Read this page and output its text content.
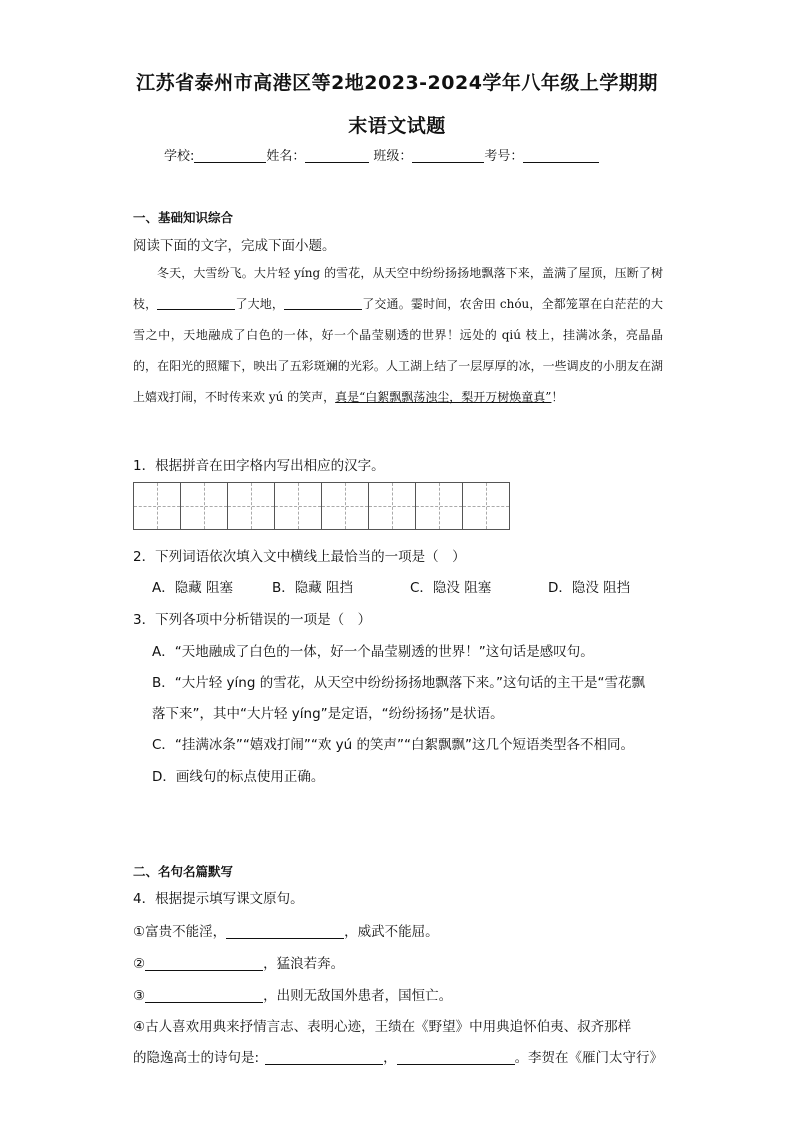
江苏省泰州市高港区等2地2023-2024学年八年级上学期期
末语文试题
学校:	姓名：	班级：	考号：
一、基础知识综合
阅读下面的文字，完成下面小题。

冬天，大雪纷飞。大片轻 yíng 的雪花，从天空中纷纷扬扬地飘落下来，盖满了屋顶，压断了树枝，	了大地，	了交通。霎时间，农舍田 chóu，全都笼罩在白茫茫的大雪之中，天地融成了白色的一体，好一个晶莹剔透的世界！远处的 qiú 枝上，挂满冰条，亮晶晶的，在阳光的照耀下，映出了五彩斑斓的光彩。人工湖上结了一层厚厚的冰，一些调皮的小朋友在湖上嬉戏打闹，不时传来欢 yú 的笑声，真是“白絮飘飘荡浊尘，梨开万树焕童真”！

1．根据拼音在田字格内写出相应的汉字。
2．下列词语依次填入文中横线上最恰当的一项是（　）
A．隐藏 阻塞	B．隐藏 阻挡	C．隐没 阻塞	D．隐没 阻挡
3．下列各项中分析错误的一项是（　）
A．“天地融成了白色的一体，好一个晶莹剔透的世界！”这句话是感叹句。
B．“大片轻 yíng 的雪花，从天空中纷纷扬扬地飘落下来。”这句话的主干是“雪花飘
落下来”，其中“大片轻 yíng”是定语，“纷纷扬扬”是状语。
C．“挂满冰条”“嬉戏打闹”“欢 yú 的笑声”“白絮飘飘”这几个短语类型各不相同。
D．画线句的标点使用正确。
二、名句名篇默写
4．根据提示填写课文原句。
①富贵不能淫，	，威武不能屈。
②	，猛浪若奔。
③	，出则无敌国外患者，国恒亡。
④古人喜欢用典来抒情言志、表明心迹，王绩在《野望》中用典追怀伯夷、叔齐那样
的隐逸高士的诗句是:	，	。李贺在《雁门太守行》
